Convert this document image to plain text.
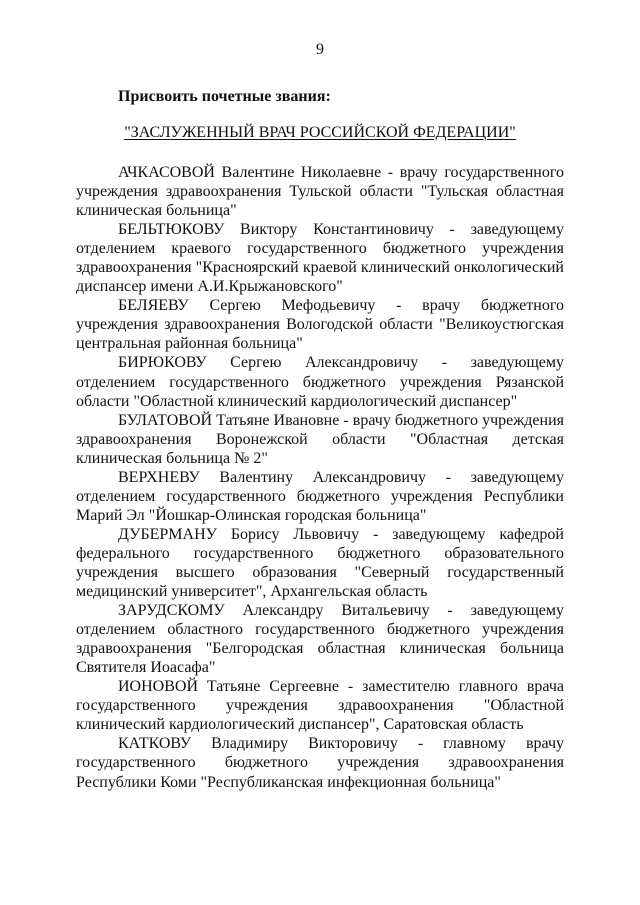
9
Присвоить почетные звания:
"ЗАСЛУЖЕННЫЙ ВРАЧ РОССИЙСКОЙ ФЕДЕРАЦИИ"

АЧКАСОВОЙ Валентине Николаевне - врачу государственного учреждения здравоохранения Тульской области "Тульская областная клиническая больница"

БЕЛЬТЮКОВУ Виктору Константиновичу - заведующему отделением краевого государственного бюджетного учреждения здравоохранения "Красноярский краевой клинический онкологический диспансер имени А.И.Крыжановского"

БЕЛЯЕВУ Сергею Мефодьевичу - врачу бюджетного учреждения здравоохранения Вологодской области "Великоустюгская центральная районная больница"

БИРЮКОВУ Сергею Александровичу - заведующему отделением государственного бюджетного учреждения Рязанской области "Областной клинический кардиологический диспансер"

БУЛАТОВОЙ Татьяне Ивановне - врачу бюджетного учреждения здравоохранения Воронежской области "Областная детская клиническая больница № 2"

ВЕРХНЕВУ Валентину Александровичу - заведующему отделением государственного бюджетного учреждения Республики Марий Эл "Йошкар-Олинская городская больница"

ДУБЕРМАНУ Борису Львовичу - заведующему кафедрой федерального государственного бюджетного образовательного учреждения высшего образования "Северный государственный медицинский университет", Архангельская область

ЗАРУДСКОМУ Александру Витальевичу - заведующему отделением областного государственного бюджетного учреждения здравоохранения "Белгородская областная клиническая больница Святителя Иоасафа"

ИОНОВОЙ Татьяне Сергеевне - заместителю главного врача государственного учреждения здравоохранения "Областной клинический кардиологический диспансер", Саратовская область

КАТКОВУ Владимиру Викторовичу - главному врачу государственного бюджетного учреждения здравоохранения Республики Коми "Республиканская инфекционная больница"
